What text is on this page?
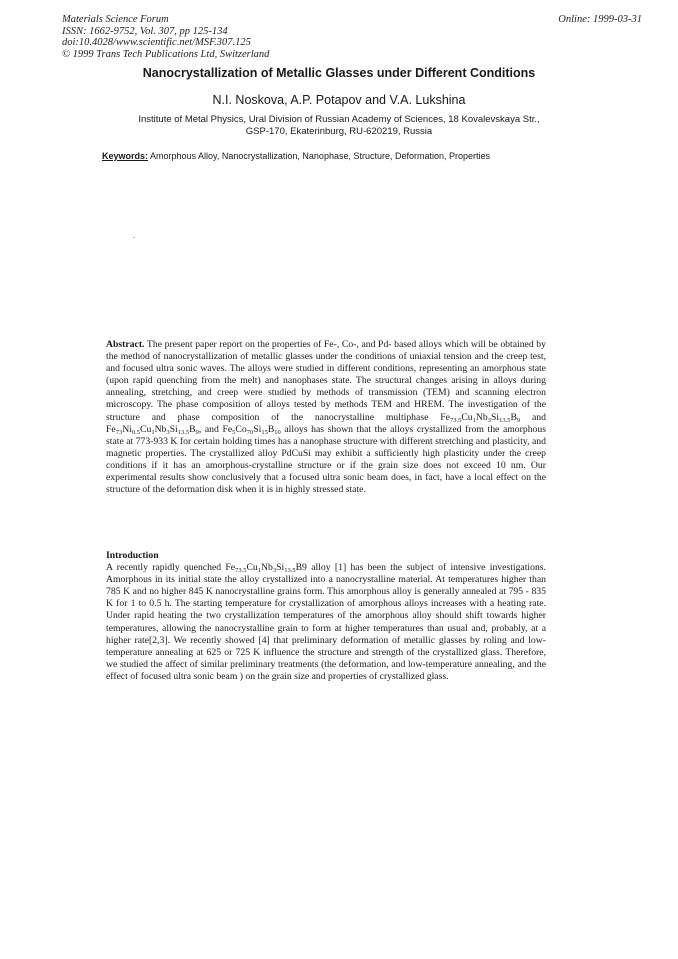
Materials Science Forum
ISSN: 1662-9752, Vol. 307, pp 125-134
doi:10.4028/www.scientific.net/MSF.307.125
© 1999 Trans Tech Publications Ltd, Switzerland
Online: 1999-03-31
Nanocrystallization of Metallic Glasses under Different Conditions
N.I. Noskova, A.P. Potapov and V.A. Lukshina
Institute of Metal Physics, Ural Division of Russian Academy of Sciences, 18 Kovalevskaya Str.,
GSP-170, Ekaterinburg, RU-620219, Russia
Keywords: Amorphous Alloy, Nanocrystallization, Nanophase, Structure, Deformation, Properties
Abstract. The present paper report on the properties of Fe-, Co-, and Pd- based alloys which will be obtained by the method of nanocrystallization of metallic glasses under the conditions of uniaxial tension and the creep test, and focused ultra sonic waves. The alloys were studied in different conditions, representing an amorphous state (upon rapid quenching from the melt) and nanophases state. The structural changes arising in alloys during annealing, stretching, and creep were studied by methods of transmission (TEM) and scanning electron microscopy. The phase composition of alloys tested by methods TEM and HREM. The investigation of the structure and phase composition of the nanocrystalline multiphase $Fe_{73.5}Cu_1Nb_3Si_{13.5}B_9$ and $Fe_{73}Ni_{0.5}Cu_1Nb_3Si_{13.5}B_9$, and $Fe_5Co_{70}Si_{15}B_{10}$ alloys has shown that the alloys crystallized from the amorphous state at 773-933 K for certain holding times has a nanophase structure with different stretching and plasticity, and magnetic properties. The crystallized alloy PdCuSi may exhibit a sufficiently high plasticity under the creep conditions if it has an amorphous-crystalline structure or if the grain size does not exceed 10 nm. Our experimental results show conclusively that a focused ultra sonic beam does, in fact, have a local effect on the structure of the deformation disk when it is in highly stressed state.
Introduction
A recently rapidly quenched $Fe_{73.5}Cu_1Nb_3Si_{13.5}B9$ alloy [1] has been the subject of intensive investigations. Amorphous in its initial state the alloy crystallized into a nanocrystalline material. At temperatures higher than 785 K and no higher 845 K nanocrystalline grains form. This amorphous alloy is generally annealed at 795 - 835 K for 1 to 0.5 h. The starting temperature for crystallization of amorphous alloys increases with a heating rate. Under rapid heating the two crystallization temperatures of the amorphous alloy should shift towards higher temperatures, allowing the nanocrystalline grain to form at higher temperatures than usual and, probably, at a higher rate[2,3]. We recently showed [4] that preliminary deformation of metallic glasses by roling and low-temperature annealing at 625 or 725 K influence the structure and strength of the crystallized glass. Therefore, we studied the affect of similar preliminary treatments (the deformation, and low-temperature annealing, and the effect of focused ultra sonic beam ) on the grain size and properties of crystallized glass.
